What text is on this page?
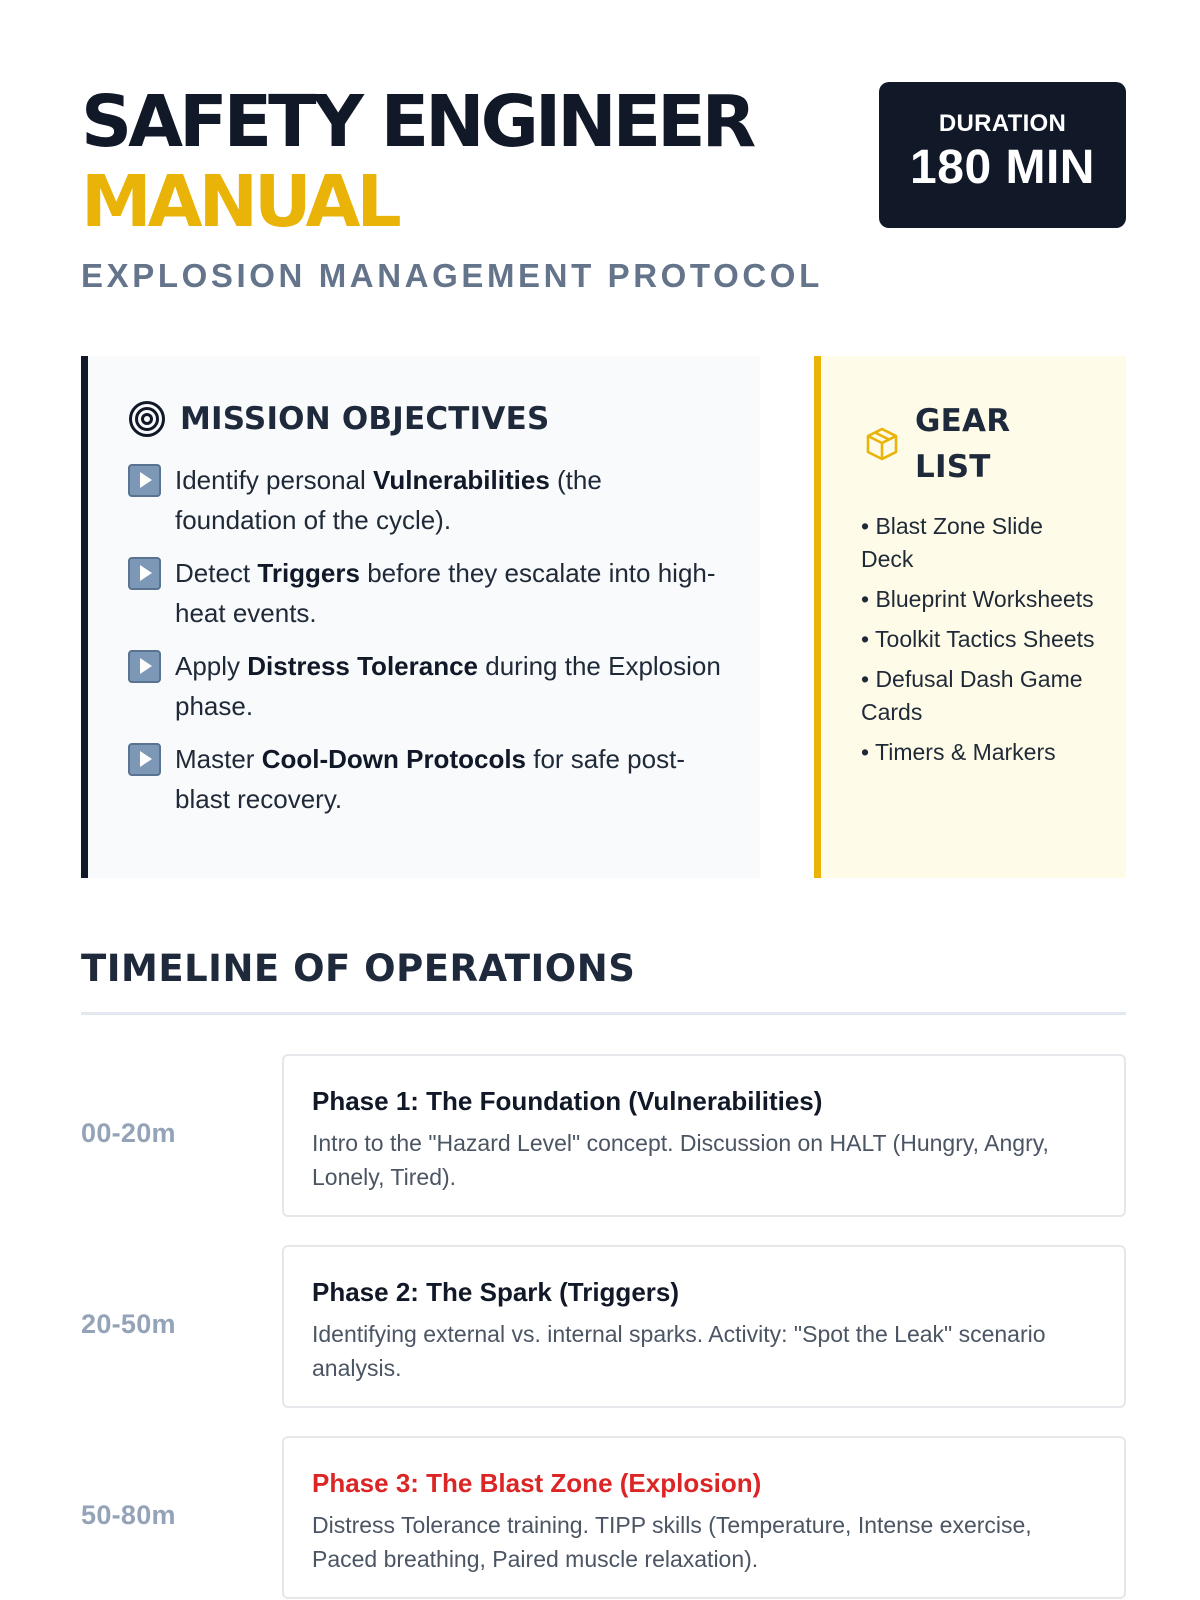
SAFETY ENGINEER
MANUAL
EXPLOSION MANAGEMENT PROTOCOL
DURATION
180 MIN
MISSION OBJECTIVES
Identify personal Vulnerabilities (the foundation of the cycle).
Detect Triggers before they escalate into high-heat events.
Apply Distress Tolerance during the Explosion phase.
Master Cool-Down Protocols for safe post-blast recovery.
GEAR LIST
• Blast Zone Slide Deck
• Blueprint Worksheets
• Toolkit Tactics Sheets
• Defusal Dash Game Cards
• Timers & Markers
TIMELINE OF OPERATIONS
00-20m
Phase 1: The Foundation (Vulnerabilities)
Intro to the "Hazard Level" concept. Discussion on HALT (Hungry, Angry, Lonely, Tired).
20-50m
Phase 2: The Spark (Triggers)
Identifying external vs. internal sparks. Activity: "Spot the Leak" scenario analysis.
50-80m
Phase 3: The Blast Zone (Explosion)
Distress Tolerance training. TIPP skills (Temperature, Intense exercise, Paced breathing, Paired muscle relaxation).
